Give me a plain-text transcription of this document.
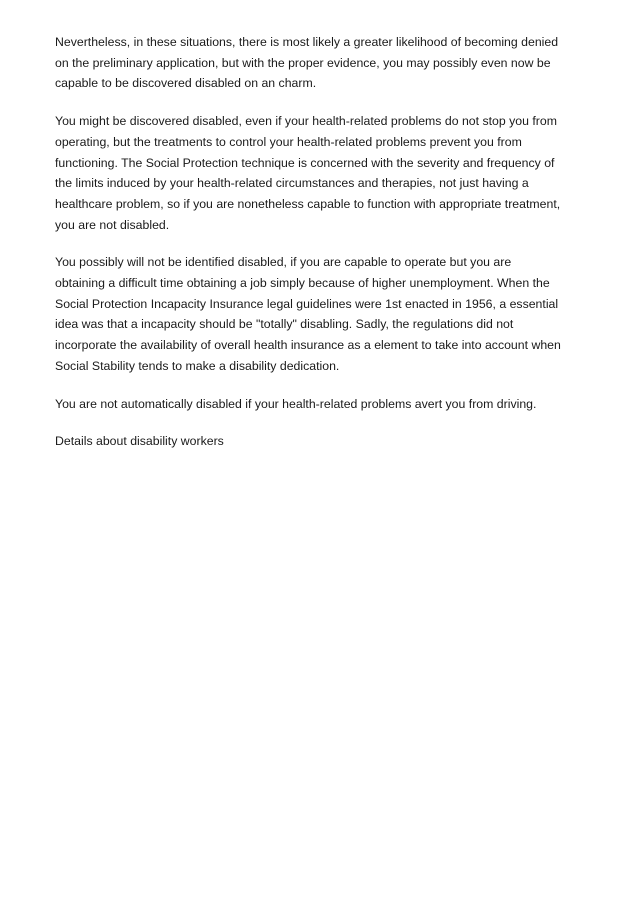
Nevertheless, in these situations, there is most likely a greater likelihood of becoming denied
on the preliminary application, but with the proper evidence, you may possibly even now be
capable to be discovered disabled on an charm.

You might be discovered disabled, even if your health-related problems do not stop you from
operating, but the treatments to control your health-related problems prevent you from
functioning. The Social Protection technique is concerned with the severity and frequency of
the limits induced by your health-related circumstances and therapies, not just having a
healthcare problem, so if you are nonetheless capable to function with appropriate treatment,
you are not disabled.

You possibly will not be identified disabled, if you are capable to operate but you are
obtaining a difficult time obtaining a job simply because of higher unemployment. When the
Social Protection Incapacity Insurance legal guidelines were 1st enacted in 1956, a essential
idea was that a incapacity should be "totally" disabling. Sadly, the regulations did not
incorporate the availability of overall health insurance as a element to take into account when
Social Stability tends to make a disability dedication.

You are not automatically disabled if your health-related problems avert you from driving.

Details about disability workers
